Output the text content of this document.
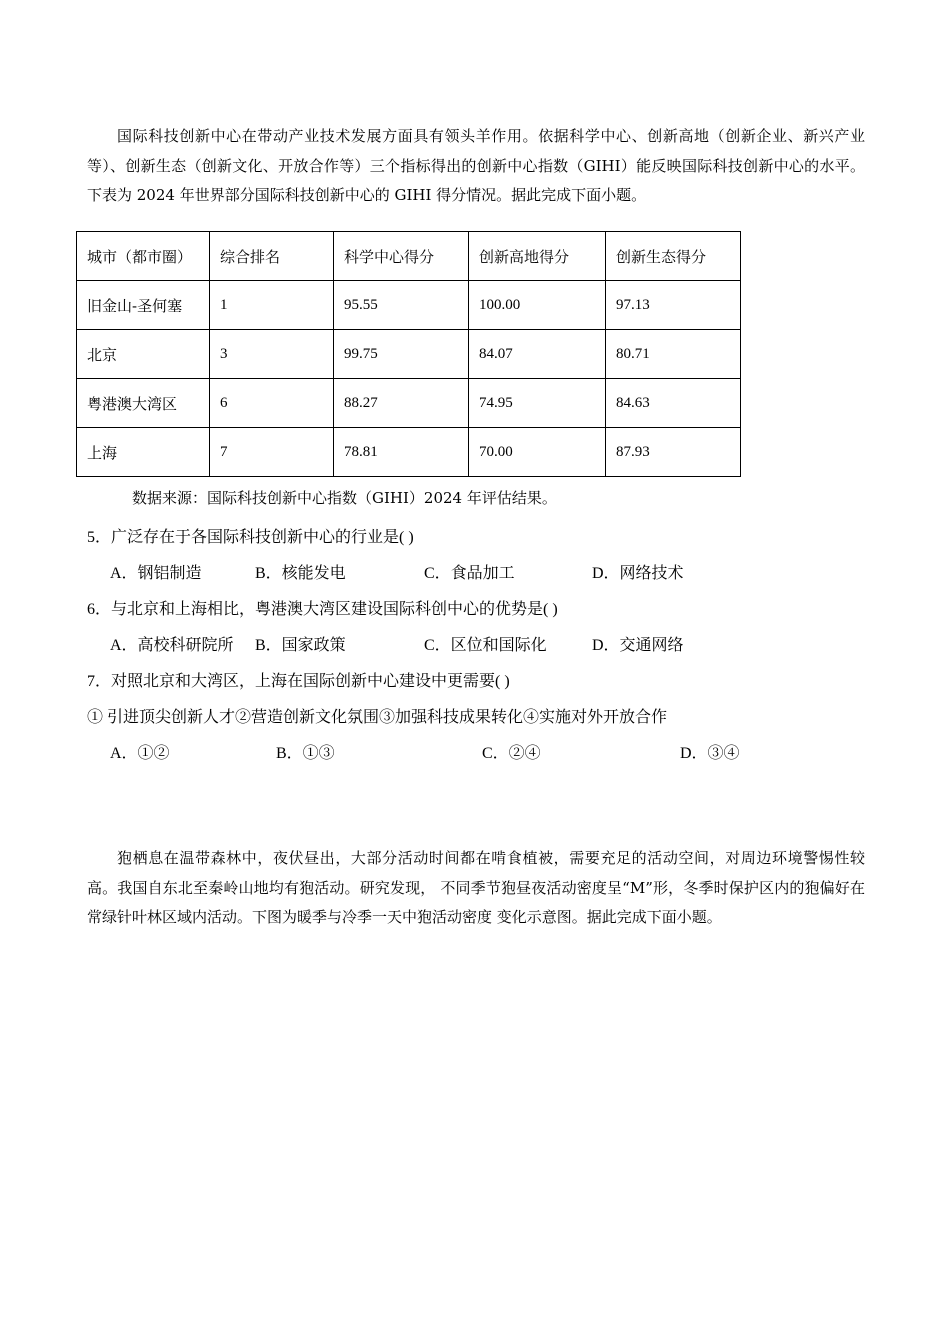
国际科技创新中心在带动产业技术发展方面具有领头羊作用。依据科学中心、创新高地（创新企业、新兴产业等）、创新生态（创新文化、开放合作等）三个指标得出的创新中心指数（GIHI）能反映国际科技创新中心的水平。下表为 2024 年世界部分国际科技创新中心的 GIHI 得分情况。据此完成下面小题。

城市（都市圈）	综合排名	科学中心得分	创新高地得分	创新生态得分
旧金山-圣何塞	1	95.55	100.00	97.13
北京	3	99.75	84.07	80.71
粤港澳大湾区	6	88.27	74.95	84.63
上海	7	78.81	70.00	87.93
数据来源：国际科技创新中心指数（GIHI）2024 年评估结果。
5．广泛存在于各国际科技创新中心的行业是( )
A．钢铝制造	B．核能发电	C．食品加工	D．网络技术
6．与北京和上海相比，粤港澳大湾区建设国际科创中心的优势是( )
A．高校科研院所 B．国家政策	C．区位和国际化	D．交通网络
7．对照北京和大湾区，上海在国际创新中心建设中更需要( )
① 引进顶尖创新人才②营造创新文化氛围③加强科技成果转化④实施对外开放合作
A．①②	B．①③	C．②④	D．③④

狍栖息在温带森林中，夜伏昼出，大部分活动时间都在啃食植被，需要充足的活动空间，对周边环境警惕性较高。我国自东北至秦岭山地均有狍活动。研究发现， 不同季节狍昼夜活动密度呈“M”形，冬季时保护区内的狍偏好在常绿针叶林区域内活动。下图为暖季与冷季一天中狍活动密度 变化示意图。据此完成下面小题。
